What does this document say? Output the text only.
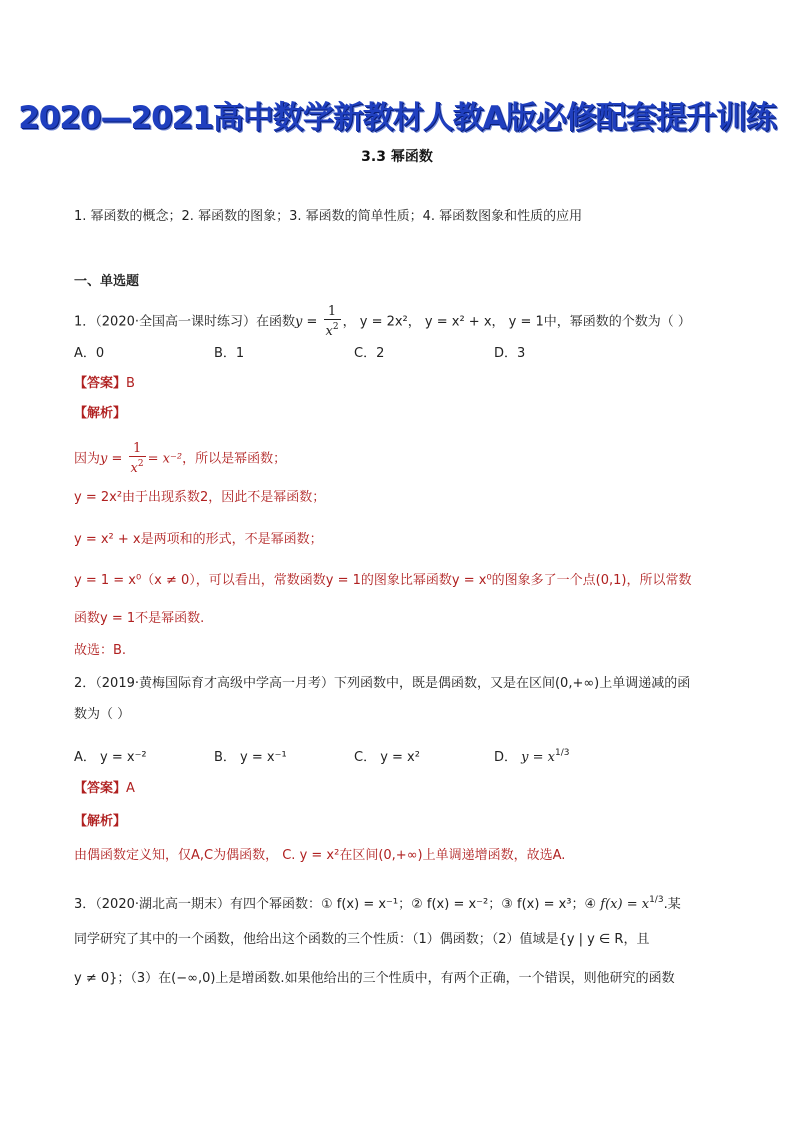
2020—2021高中数学新教材人教A版必修配套提升训练
3.3 幂函数
1. 幂函数的概念；2. 幂函数的图象；3. 幂函数的简单性质；4. 幂函数图象和性质的应用
一、单选题
1．（2020·全国高一课时练习）在函数$y = \frac{1}{x^2}$ ， y = 2x²， y = x² + x， y = 1中，幂函数的个数为（ ）
A．0	B．1	C．2	D．3
【答案】B
【解析】
因为$y = \frac{1}{x^2} = x^{-2}$，所以是幂函数；
y = 2x²由于出现系数2，因此不是幂函数；
y = x² + x是两项和的形式，不是幂函数；
y = 1 = x⁰（x ≠ 0），可以看出，常数函数y = 1的图象比幂函数y = x⁰的图象多了一个点(0,1)，所以常数
函数y = 1不是幂函数.
故选：B.
2．（2019·黄梅国际育才高级中学高一月考）下列函数中，既是偶函数，又是在区间(0,+∞)上单调递减的函
数为（ ）
A． y = x⁻²	B． y = x⁻¹	C． y = x²	D． $y = x^{1/3}$
【答案】A
【解析】
由偶函数定义知，仅A,C为偶函数， C. y = x²在区间(0,+∞)上单调递增函数，故选A.
3．（2020·湖北高一期末）有四个幂函数：① f(x) = x⁻¹；② f(x) = x⁻²；③ f(x) = x³；④ $f(x) = x^{1/3}$.某
同学研究了其中的一个函数，他给出这个函数的三个性质：（1）偶函数；（2）值域是{y | y ∈ R，且
y ≠ 0}；（3）在(−∞,0)上是增函数.如果他给出的三个性质中，有两个正确，一个错误，则他研究的函数
